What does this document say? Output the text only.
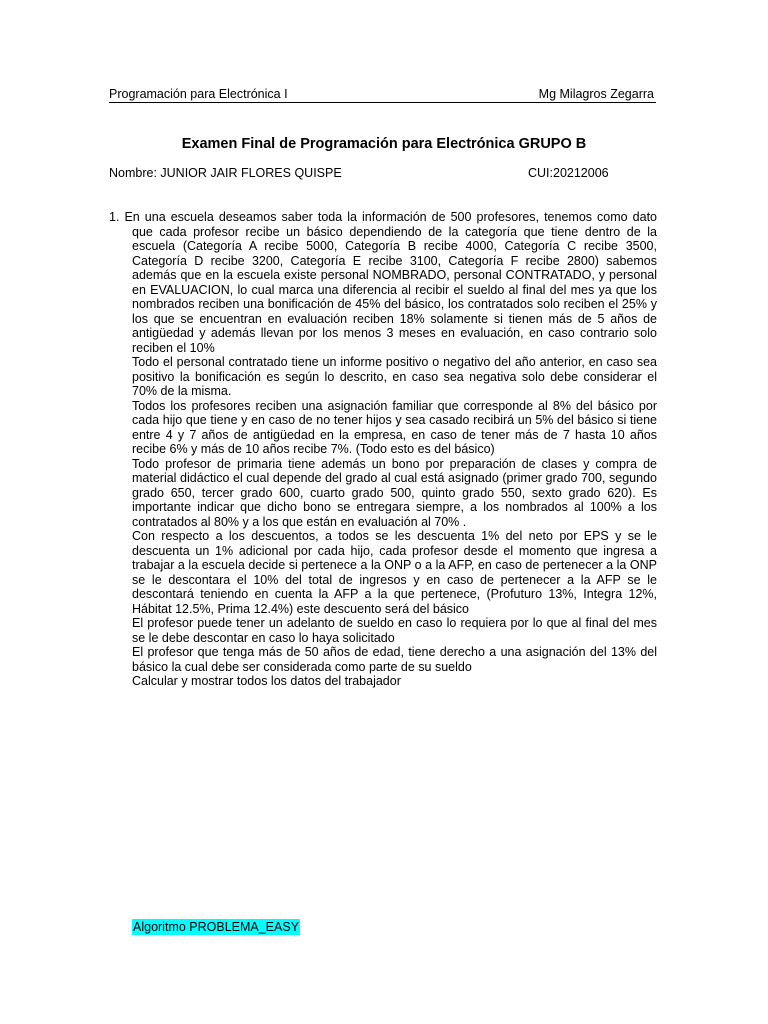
Programación para Electrónica I	Mg Milagros Zegarra
Examen Final de Programación para Electrónica GRUPO B
Nombre: JUNIOR JAIR FLORES QUISPE	CUI:20212006

1. En una escuela deseamos saber toda la información de 500 profesores, tenemos como dato que cada profesor recibe un básico dependiendo de la categoría que tiene dentro de la escuela (Categoría A recibe 5000, Categoría B recibe 4000, Categoría C recibe 3500, Categoría D recibe 3200, Categoría E recibe 3100, Categoría F recibe 2800) sabemos además que en la escuela existe personal NOMBRADO, personal CONTRATADO, y personal en EVALUACION, lo cual marca una diferencia al recibir el sueldo al final del mes ya que los nombrados reciben una bonificación de 45% del básico, los contratados solo reciben el 25% y los que se encuentran en evaluación reciben 18% solamente si tienen más de 5 años de antigüedad y además llevan por los menos 3 meses en evaluación, en caso contrario solo reciben el 10%

Todo el personal contratado tiene un informe positivo o negativo del año anterior, en caso sea positivo la bonificación es según lo descrito, en caso sea negativa solo debe considerar el 70% de la misma.

Todos los profesores reciben una asignación familiar que corresponde al 8% del básico por cada hijo que tiene y en caso de no tener hijos y sea casado recibirá un 5% del básico si tiene entre 4 y 7 años de antigüedad en la empresa, en caso de tener más de 7 hasta 10 años recibe 6% y más de 10 años recibe 7%. (Todo esto es del básico)

Todo profesor de primaria tiene además un bono por preparación de clases y compra de material didáctico el cual depende del grado al cual está asignado (primer grado 700, segundo grado 650, tercer grado 600, cuarto grado 500, quinto grado 550, sexto grado 620). Es importante indicar que dicho bono se entregara siempre, a los nombrados al 100% a los contratados al 80% y a los que están en evaluación al 70% .

Con respecto a los descuentos, a todos se les descuenta 1% del neto por EPS y se le descuenta un 1% adicional por cada hijo, cada profesor desde el momento que ingresa a trabajar a la escuela decide si pertenece a la ONP o a la AFP, en caso de pertenecer a la ONP se le descontara el 10% del total de ingresos y en caso de pertenecer a la AFP se le descontará teniendo en cuenta la AFP a la que pertenece, (Profuturo 13%, Integra 12%, Hábitat 12.5%, Prima 12.4%) este descuento será del básico

El profesor puede tener un adelanto de sueldo en caso lo requiera por lo que al final del mes se le debe descontar en caso lo haya solicitado

El profesor que tenga más de 50 años de edad, tiene derecho a una asignación del 13% del básico la cual debe ser considerada como parte de su sueldo

Calcular y mostrar todos los datos del trabajador

Algoritmo PROBLEMA_EASY
